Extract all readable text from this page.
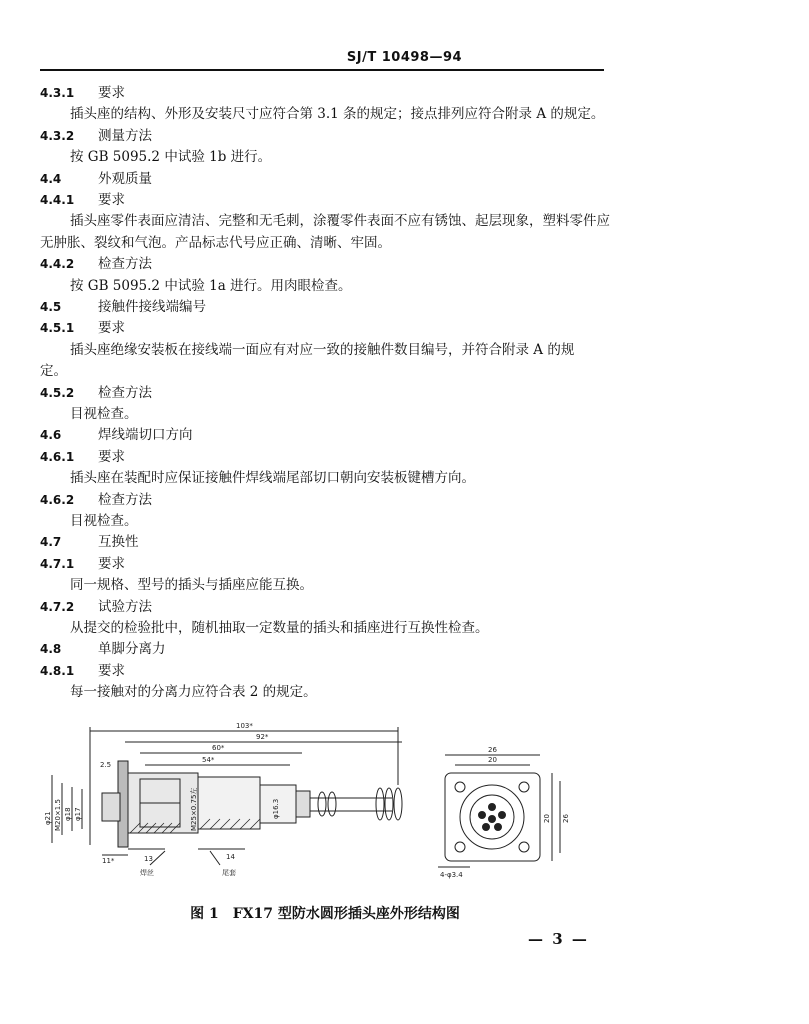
SJ/T 10498—94
4.3.1 要求
插头座的结构、外形及安装尺寸应符合第 3.1 条的规定；接点排列应符合附录 A 的规定。
4.3.2 测量方法
按 GB 5095.2 中试验 1b 进行。
4.4	外观质量
4.4.1 要求
插头座零件表面应清洁、完整和无毛刺，涂覆零件表面不应有锈蚀、起层现象，塑料零件应
无肿胀、裂纹和气泡。产品标志代号应正确、清晰、牢固。
4.4.2 检查方法
按 GB 5095.2 中试验 1a 进行。用肉眼检查。
4.5	接触件接线端编号
4.5.1 要求
插头座绝缘安装板在接线端一面应有对应一致的接触件数目编号，并符合附录 A 的规
定。
4.5.2 检查方法
目视检查。
4.6	焊线端切口方向
4.6.1 要求
插头座在装配时应保证接触件焊线端尾部切口朝向安装板键槽方向。
4.6.2 检查方法
目视检查。
4.7	互换性
4.7.1 要求
同一规格、型号的插头与插座应能互换。
4.7.2 试验方法
从提交的检验批中，随机抽取一定数量的插头和插座进行互换性检查。
4.8	单脚分离力
4.8.1 要求
每一接触对的分离力应符合表 2 的规定。
103*
92*
60*
54*
2.5
11*	13	14
焊丝	尾套
φ21 M20×1.5 φ18 φ17	M25×0.75左	φ16.3
26
20
20 26
4-φ3.4
图 1　FX17 型防水圆形插头座外形结构图
— 3 —
